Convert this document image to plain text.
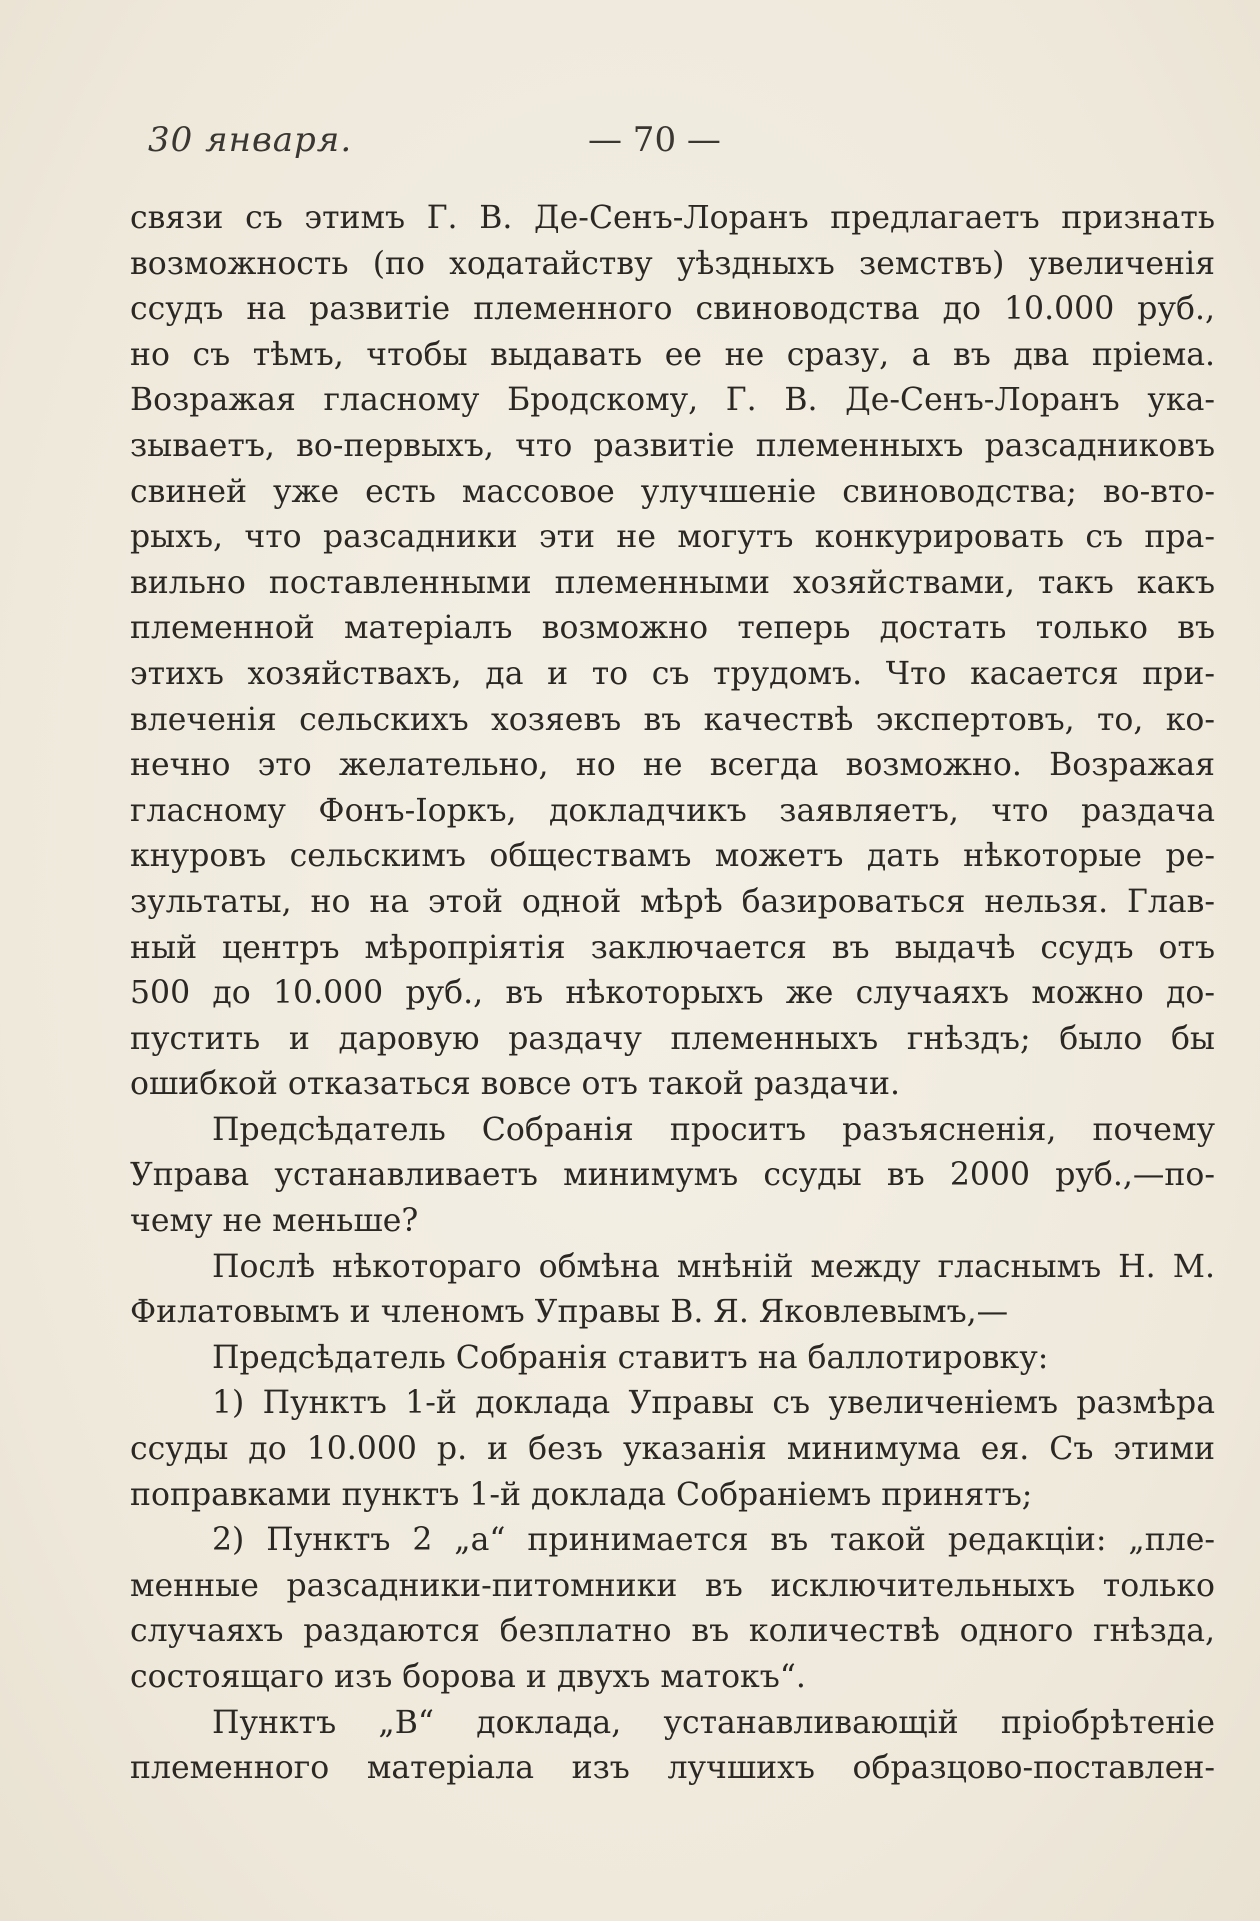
30 января.	— 70 —
связи съ этимъ Г. В. Де-Сенъ-Лоранъ предлагаетъ признать
возможность (по ходатайству уѣздныхъ земствъ) увеличенія
ссудъ на развитіе племенного свиноводства до 10.000 руб.,
но съ тѣмъ, чтобы выдавать ее не сразу, а въ два пріема.
Возражая гласному Бродскому, Г. В. Де-Сенъ-Лоранъ ука-
зываетъ, во-первыхъ, что развитіе племенныхъ разсадниковъ
свиней уже есть массовое улучшеніе свиноводства; во-вто-
рыхъ, что разсадники эти не могутъ конкурировать съ пра-
вильно поставленными племенными хозяйствами, такъ какъ
племенной матеріалъ возможно теперь достать только въ
этихъ хозяйствахъ, да и то съ трудомъ. Что касается при-
влеченія сельскихъ хозяевъ въ качествѣ экспертовъ, то, ко-
нечно это желательно, но не всегда возможно. Возражая
гласному Фонъ-Іоркъ, докладчикъ заявляетъ, что раздача
кнуровъ сельскимъ обществамъ можетъ дать нѣкоторые ре-
зультаты, но на этой одной мѣрѣ базироваться нельзя. Глав-
ный центръ мѣропріятія заключается въ выдачѣ ссудъ отъ
500 до 10.000 руб., въ нѣкоторыхъ же случаяхъ можно до-
пустить и даровую раздачу племенныхъ гнѣздъ; было бы
ошибкой отказаться вовсе отъ такой раздачи.
Предсѣдатель Собранія проситъ разъясненія, почему
Управа устанавливаетъ минимумъ ссуды въ 2000 руб.,—по-
чему не меньше?
Послѣ нѣкотораго обмѣна мнѣній между гласнымъ Н. М.
Филатовымъ и членомъ Управы В. Я. Яковлевымъ,—
Предсѣдатель Собранія ставитъ на баллотировку:
1) Пунктъ 1-й доклада Управы съ увеличеніемъ размѣра
ссуды до 10.000 р. и безъ указанія минимума ея. Съ этими
поправками пунктъ 1-й доклада Собраніемъ принятъ;
2) Пунктъ 2 „а“ принимается въ такой редакціи: „пле-
менные разсадники-питомники въ исключительныхъ только
случаяхъ раздаются безплатно въ количествѣ одного гнѣзда,
состоящаго изъ борова и двухъ матокъ“.
Пунктъ „В“ доклада, устанавливающій пріобрѣтеніе
племенного матеріала изъ лучшихъ образцово-поставлен-
